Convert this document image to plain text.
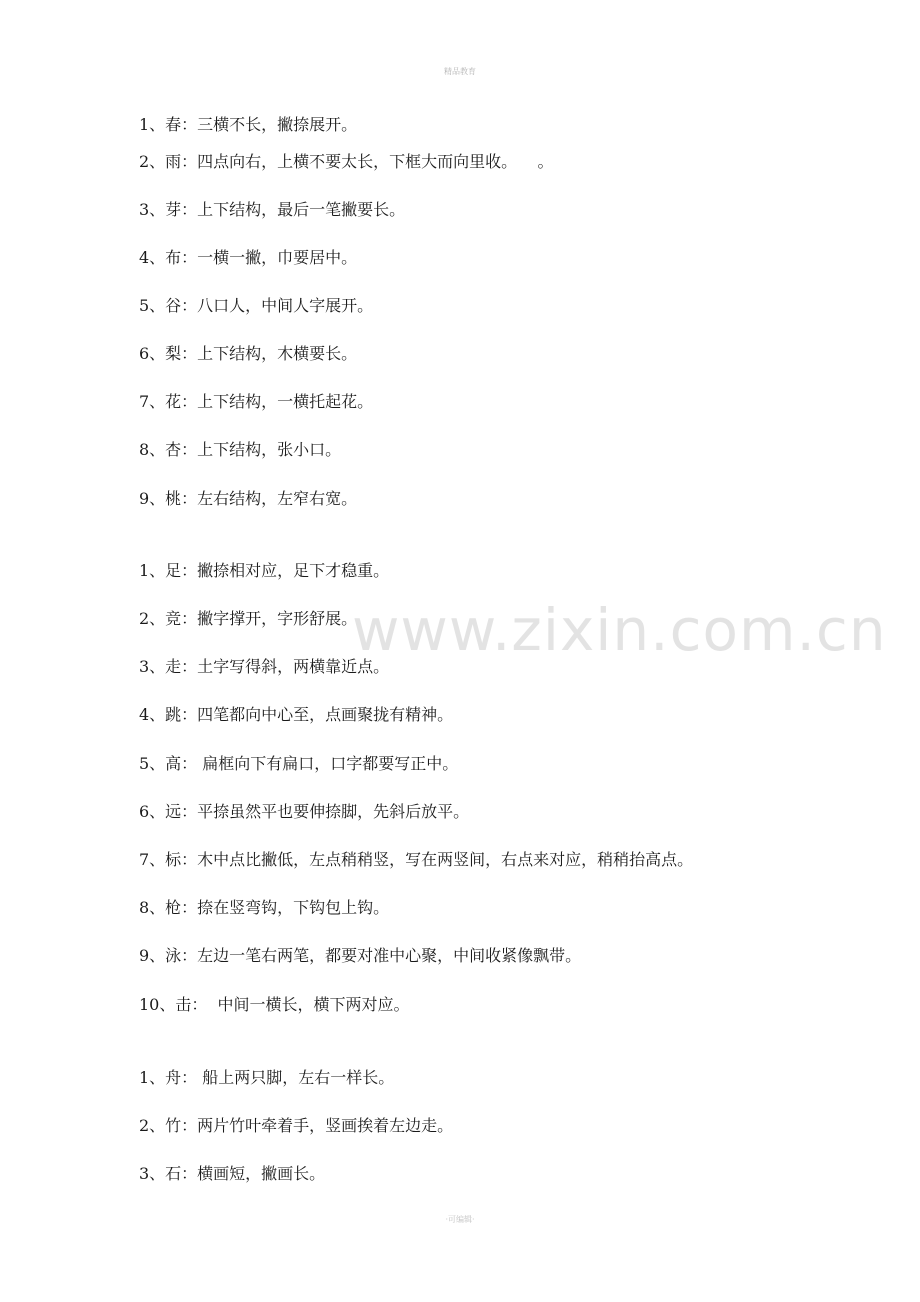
精品教育
www.zixin.com.cn
1、春：三横不长，撇捺展开。
2、雨：四点向右，上横不要太长，下框大而向里收。    。
3、芽：上下结构，最后一笔撇要长。
4、布：一横一撇，巾要居中。
5、谷：八口人，中间人字展开。
6、梨：上下结构，木横要长。
7、花：上下结构，一横托起花。
8、杏：上下结构，张小口。
9、桃：左右结构，左窄右宽。
1、足：撇捺相对应，足下才稳重。
2、竞：撇字撑开，字形舒展。
3、走：土字写得斜，两横靠近点。
4、跳：四笔都向中心至，点画聚拢有精神。
5、高： 扁框向下有扁口，口字都要写正中。
6、远：平捺虽然平也要伸捺脚，先斜后放平。
7、标：木中点比撇低，左点稍稍竖，写在两竖间，右点来对应，稍稍抬高点。
8、枪：捺在竖弯钩，下钩包上钩。
9、泳：左边一笔右两笔，都要对准中心聚，中间收紧像飘带。
10、击：  中间一横长，横下两对应。
1、舟： 船上两只脚，左右一样长。
2、竹：两片竹叶牵着手，竖画挨着左边走。
3、石：横画短，撇画长。
·可编辑·
